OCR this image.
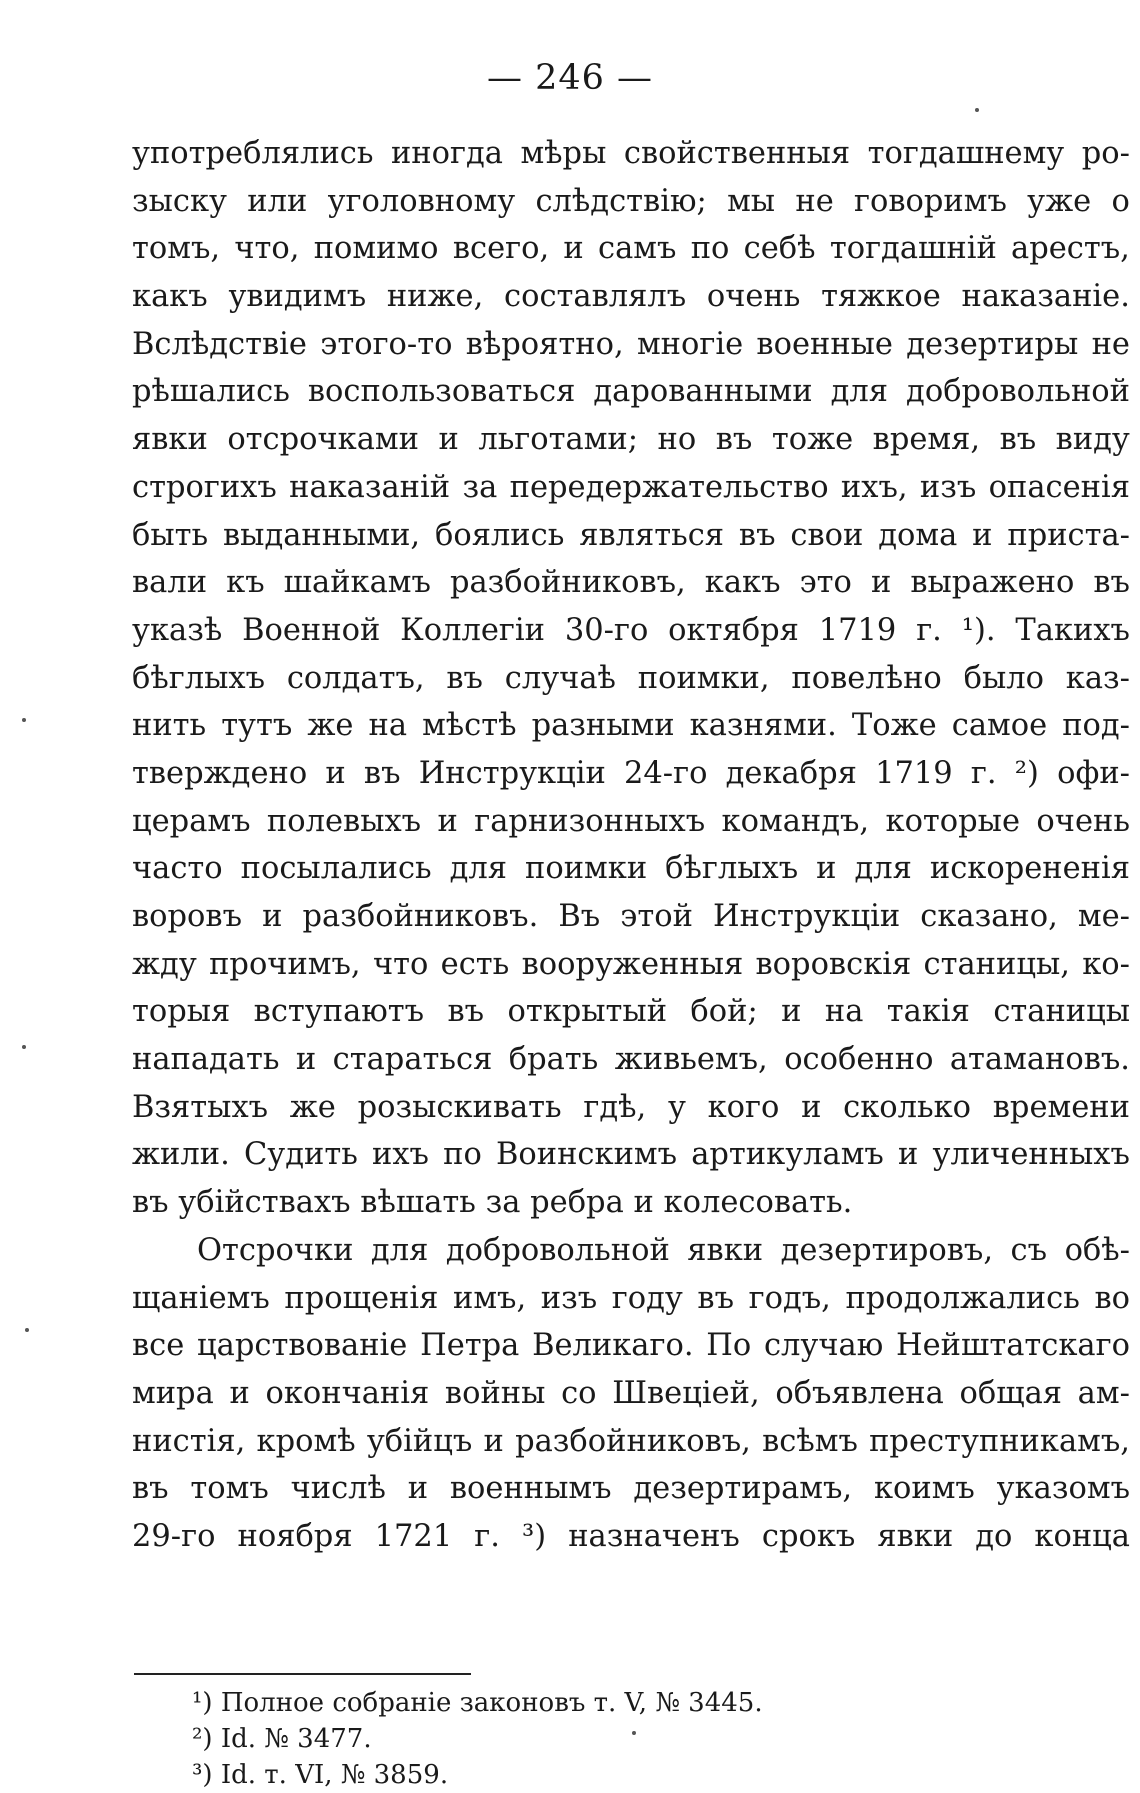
— 246 —
употреблялись иногда мѣры свойственныя тогдашнему ро-
зыску или уголовному слѣдствію; мы не говоримъ уже о
томъ, что, помимо всего, и самъ по себѣ тогдашній арестъ,
какъ увидимъ ниже, составлялъ очень тяжкое наказаніе.
Вслѣдствіе этого-то вѣроятно, многіе военные дезертиры не
рѣшались воспользоваться дарованными для добровольной
явки отсрочками и льготами; но въ тоже время, въ виду
строгихъ наказаній за передержательство ихъ, изъ опасенія
быть выданными, боялись являться въ свои дома и приста-
вали къ шайкамъ разбойниковъ, какъ это и выражено въ
указѣ Военной Коллегіи 30-го октября 1719 г. ¹). Такихъ
бѣглыхъ солдатъ, въ случаѣ поимки, повелѣно было каз-
нить тутъ же на мѣстѣ разными казнями. Тоже самое под-
тверждено и въ Инструкціи 24-го декабря 1719 г. ²) офи-
церамъ полевыхъ и гарнизонныхъ командъ, которые очень
часто посылались для поимки бѣглыхъ и для искорененія
воровъ и разбойниковъ. Въ этой Инструкціи сказано, ме-
жду прочимъ, что есть вооруженныя воровскія станицы, ко-
торыя вступаютъ въ открытый бой; и на такія станицы
нападать и стараться брать живьемъ, особенно атамановъ.
Взятыхъ же розыскивать гдѣ, у кого и сколько времени
жили. Судить ихъ по Воинскимъ артикуламъ и уличенныхъ
въ
убійствахъ
вѣшать
за
ребра
и
колесовать.
Отсрочки для добровольной явки дезертировъ, съ обѣ-
щаніемъ прощенія имъ, изъ году въ годъ, продолжались во
все царствованіе Петра Великаго. По случаю Нейштатскаго
мира и окончанія войны со Швеціей, объявлена общая ам-
нистія, кромѣ убійцъ и разбойниковъ, всѣмъ преступникамъ,
въ томъ числѣ и военнымъ дезертирамъ, коимъ указомъ
29-го ноября 1721 г. ³) назначенъ срокъ явки до конца
¹) Полное собраніе законовъ т. V, № 3445.
²) Id. № 3477.
³) Id. т. VI, № 3859.
